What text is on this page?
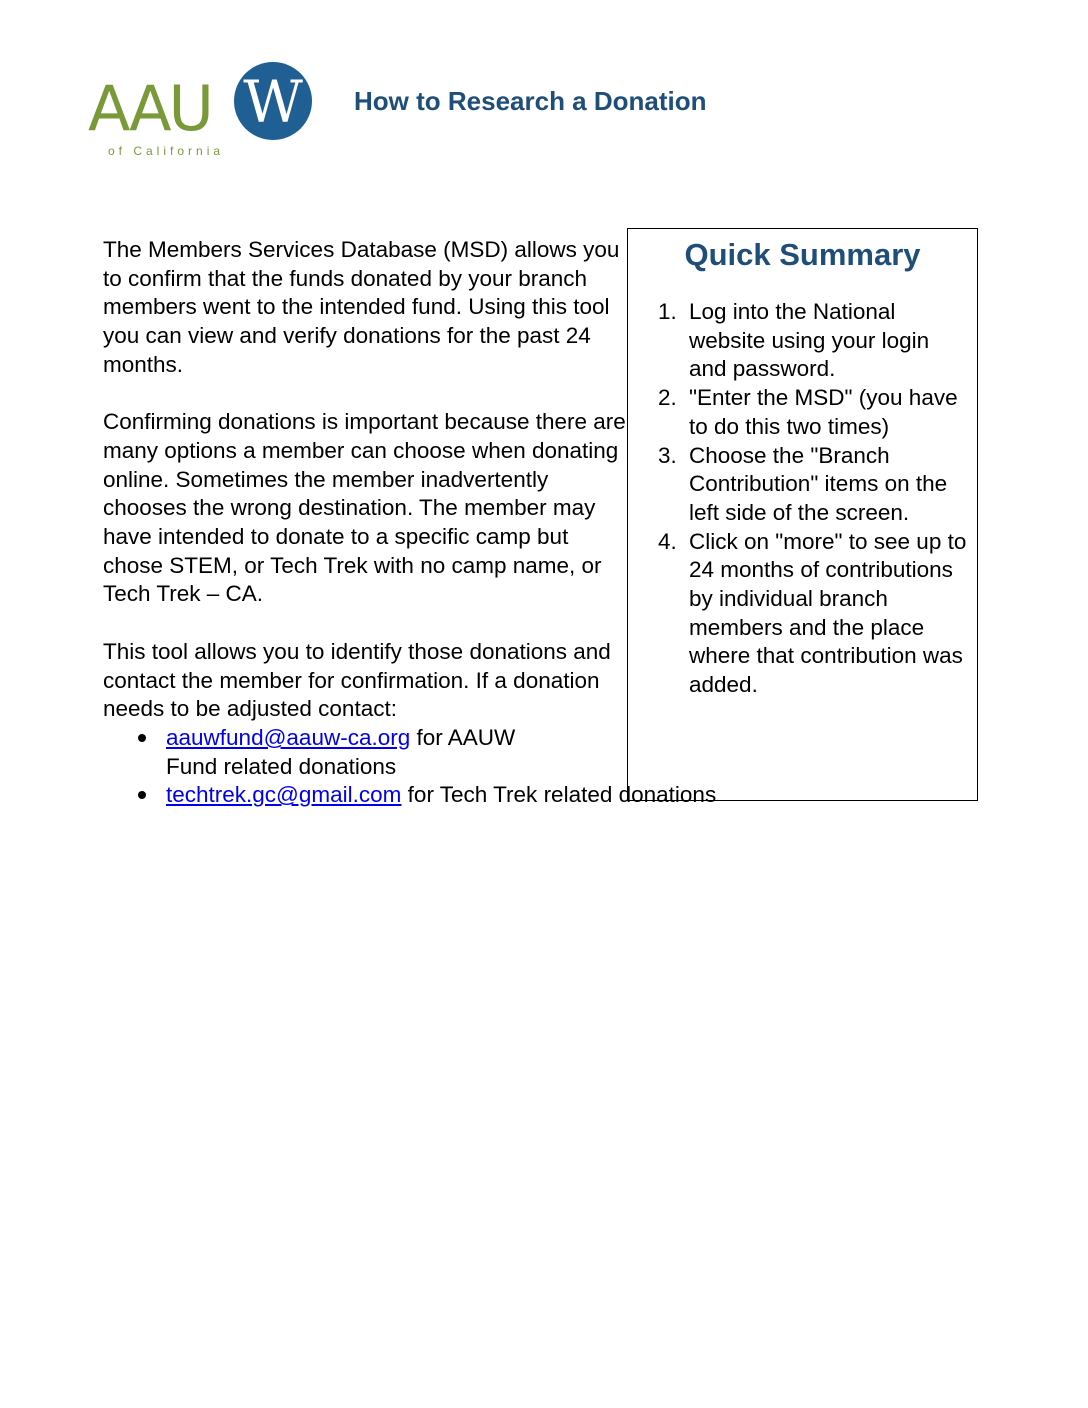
AAU W
of California
How to Research a Donation

The Members Services Database (MSD) allows you to confirm that the funds donated by your branch members went to the intended fund. Using this tool you can view and verify donations for the past 24 months.

Confirming donations is important because there are many options a member can choose when donating online. Sometimes the member inadvertently chooses the wrong destination. The member may have intended to donate to a specific camp but chose STEM, or Tech Trek with no camp name, or Tech Trek – CA.

This tool allows you to identify those donations and contact the member for confirmation. If a donation needs to be adjusted contact:

aauwfund@aauw-ca.org for AAUW Fund related donations
techtrek.gc@gmail.com for Tech Trek related donations
Quick Summary
1. Log into the National website using your login and password.
2. "Enter the MSD" (you have to do this two times)
3. Choose the "Branch Contribution" items on the left side of the screen.
4. Click on "more" to see up to 24 months of contributions by individual branch members and the place where that contribution was added.
